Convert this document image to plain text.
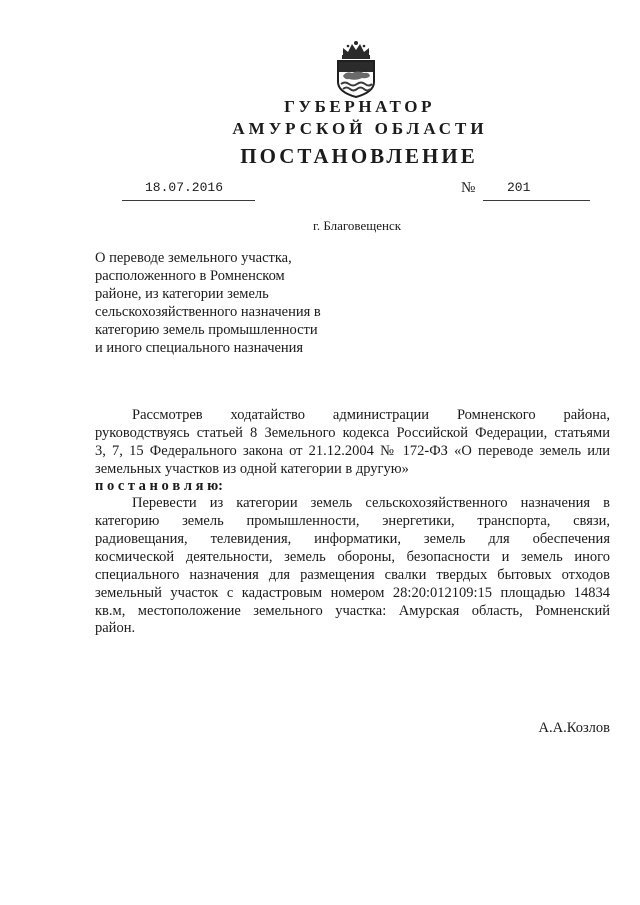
ГУБЕРНАТОР
АМУРСКОЙ ОБЛАСТИ
ПОСТАНОВЛЕНИЕ
18.07.2016	№ 201
г. Благовещенск
О переводе земельного участка,
расположенного в Ромненском
районе, из категории земель
сельскохозяйственного назначения в
категорию земель промышленности
и иного специального назначения
Рассмотрев ходатайство администрации Ромненского района,
руководствуясь статьей 8 Земельного кодекса Российской Федерации, статьями
3, 7, 15 Федерального закона от 21.12.2004 № 172-ФЗ «О переводе земель или
земельных участков из одной категории в другую»
п о с т а н о в л я ю:
Перевести из категории земель сельскохозяйственного назначения в
категорию земель промышленности, энергетики, транспорта, связи,
радиовещания, телевидения, информатики, земель для обеспечения
космической деятельности, земель обороны, безопасности и земель иного
специального назначения для размещения свалки твердых бытовых отходов
земельный участок с кадастровым номером 28:20:012109:15 площадью 14834
кв.м, местоположение земельного участка: Амурская область, Ромненский
район.
А.А.Козлов
